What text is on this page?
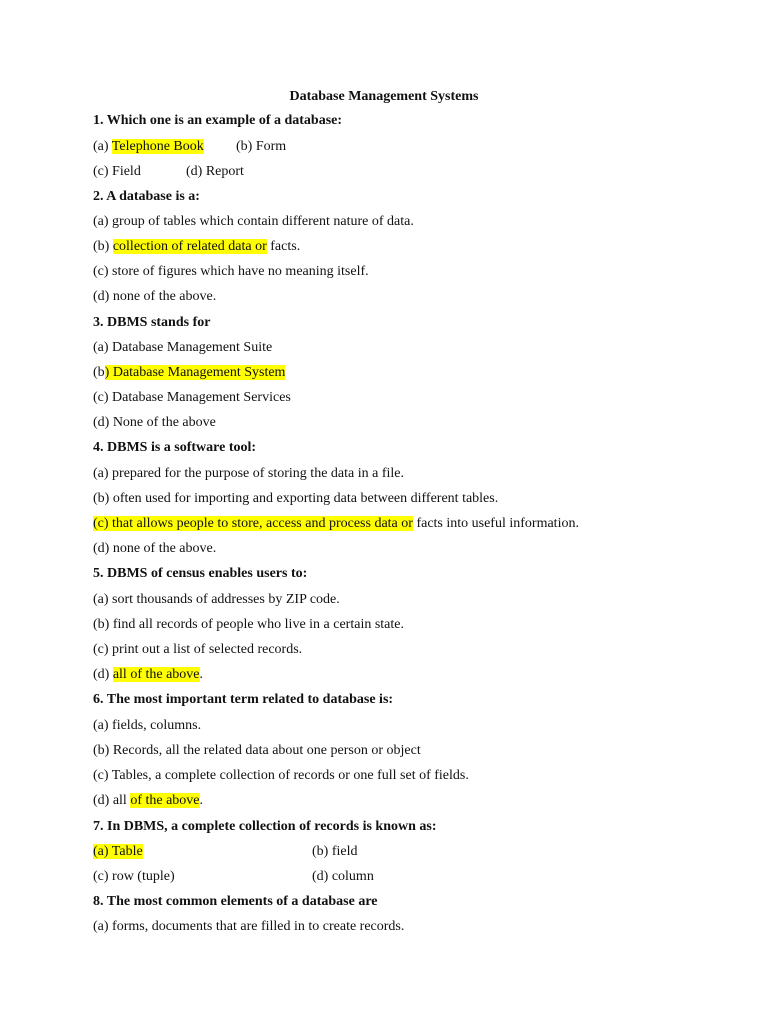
Database Management Systems
1. Which one is an example of a database:
(a) Telephone Book (b) Form
(c) Field	(d) Report
2. A database is a:
(a) group of tables which contain different nature of data.
(b) collection of related data or facts.
(c) store of figures which have no meaning itself.
(d) none of the above.
3. DBMS stands for
(a) Database Management Suite
(b) Database Management System
(c) Database Management Services
(d) None of the above
4. DBMS is a software tool:
(a) prepared for the purpose of storing the data in a file.
(b) often used for importing and exporting data between different tables.
(c) that allows people to store, access and process data or facts into useful information.
(d) none of the above.
5. DBMS of census enables users to:
(a) sort thousands of addresses by ZIP code.
(b) find all records of people who live in a certain state.
(c) print out a list of selected records.
(d) all of the above.
6. The most important term related to database is:
(a) fields, columns.
(b) Records, all the related data about one person or object
(c) Tables, a complete collection of records or one full set of fields.
(d) all of the above.
7. In DBMS, a complete collection of records is known as:
(a) Table	(b) field
(c) row (tuple)	(d) column
8. The most common elements of a database are
(a) forms, documents that are filled in to create records.
